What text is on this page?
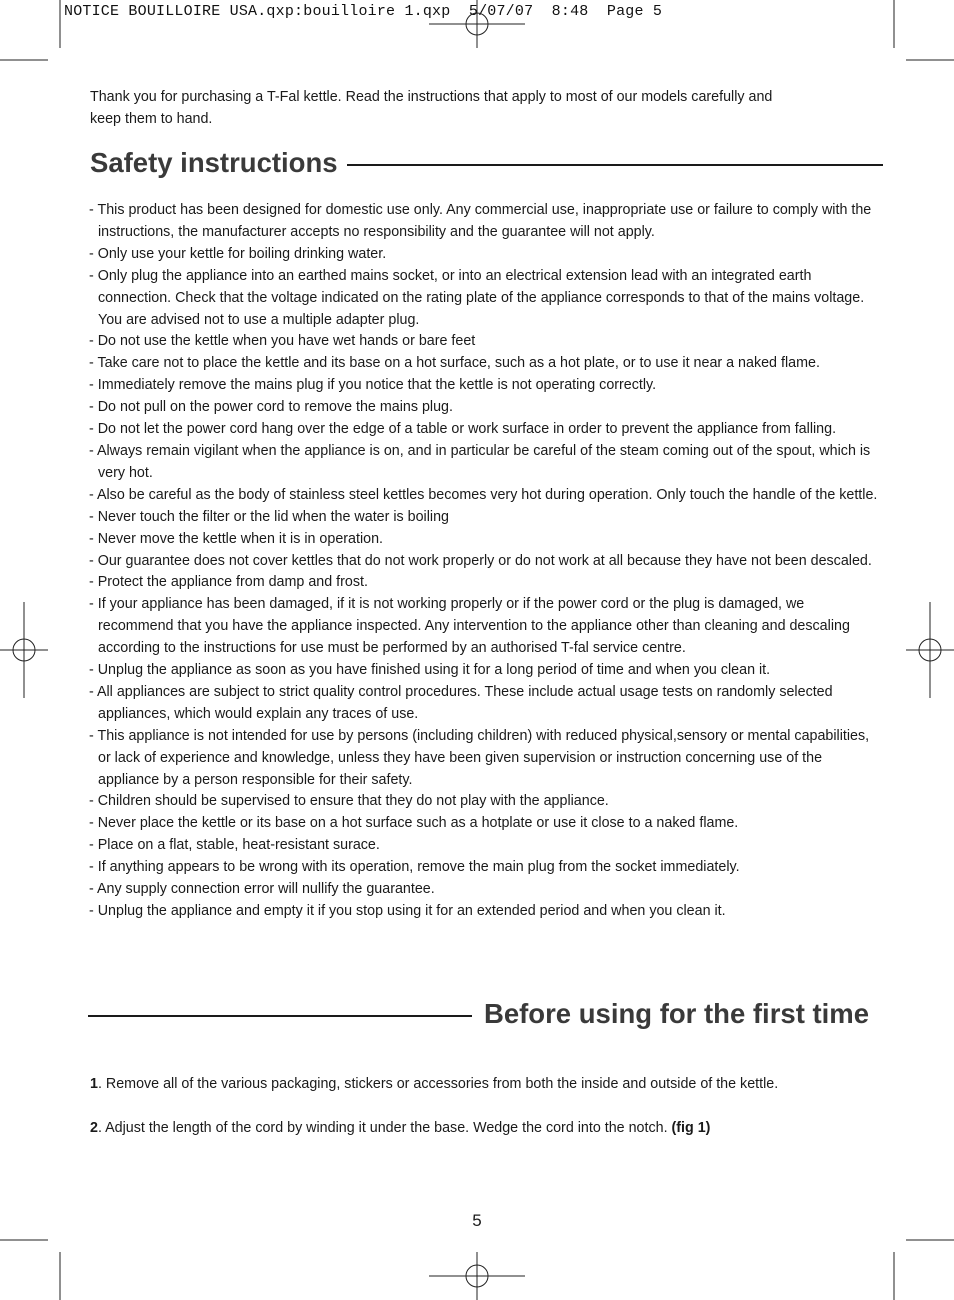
NOTICE BOUILLOIRE USA.qxp:bouilloire 1.qxp  5/07/07  8:48  Page 5

Thank you for purchasing a T-Fal kettle. Read the instructions that apply to most of our models carefully and keep them to hand.

Safety instructions
- This product has been designed for domestic use only. Any commercial use, inappropriate use or failure to comply with the instructions, the manufacturer accepts no responsibility and the guarantee will not apply.
- Only use your kettle for boiling drinking water.
- Only plug the appliance into an earthed mains socket, or into an electrical extension lead with an integrated earth connection. Check that the voltage indicated on the rating plate of the appliance corresponds to that of the mains voltage. You are advised not to use a multiple adapter plug.
- Do not use the kettle when you have wet hands or bare feet
- Take care not to place the kettle and its base on a hot surface, such as a hot plate, or to use it near a naked flame.
- Immediately remove the mains plug if you notice that the kettle is not operating correctly.
- Do not pull on the power cord to remove the mains plug.
- Do not let the power cord hang over the edge of a table or work surface in order to prevent the appliance from falling.
- Always remain vigilant when the appliance is on, and in particular be careful of the steam coming out of the spout, which is very hot.
- Also be careful as the body of stainless steel kettles becomes very hot during operation. Only touch the handle of the kettle.
- Never touch the filter or the lid when the water is boiling
- Never move the kettle when it is in operation.
- Our guarantee does not cover kettles that do not work properly or do not work at all because they have not been descaled.
- Protect the appliance from damp and frost.
- If your appliance has been damaged, if it is not working properly or if the power cord or the plug is damaged, we recommend that you have the appliance inspected. Any intervention to the appliance other than cleaning and descaling according to the instructions for use must be performed by an authorised T-fal service centre.
- Unplug the appliance as soon as you have finished using it for a long period of time and when you clean it.
- All appliances are subject to strict quality control procedures. These include actual usage tests on randomly selected appliances, which would explain any traces of use.
- This appliance is not intended for use by persons (including children) with reduced physical,sensory or mental capabilities, or lack of experience and knowledge, unless they have been given supervision or instruction concerning use of the appliance by a person responsible for their safety.
- Children should be supervised to ensure that they do not play with the appliance.
- Never place the kettle or its base on a hot surface such as a hotplate or use it close to a naked flame.
- Place on a flat, stable, heat-resistant surace.
- If anything appears to be wrong with its operation, remove the main plug from the socket immediately.
- Any supply connection error will nullify the guarantee.
- Unplug the appliance and empty it if you stop using it for an extended period and when you clean it.
Before using for the first time

1. Remove all of the various packaging, stickers or accessories from both the inside and outside of the kettle.

2. Adjust the length of the cord by winding it under the base. Wedge the cord into the notch. (fig 1)

5
